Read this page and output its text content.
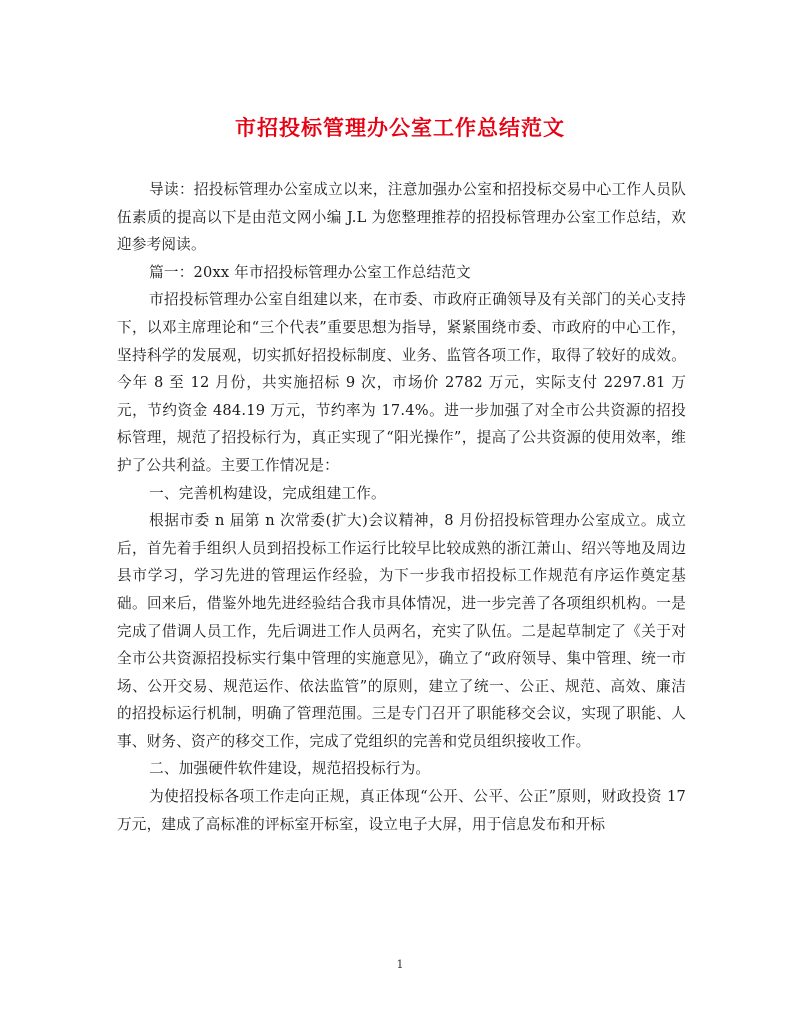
市招投标管理办公室工作总结范文

导读：招投标管理办公室成立以来，注意加强办公室和招投标交易中心工作人员队伍素质的提高以下是由范文网小编 J.L 为您整理推荐的招投标管理办公室工作总结，欢迎参考阅读。

篇一：20xx 年市招投标管理办公室工作总结范文

市招投标管理办公室自组建以来，在市委、市政府正确领导及有关部门的关心支持下，以邓主席理论和“三个代表”重要思想为指导，紧紧围绕市委、市政府的中心工作，坚持科学的发展观，切实抓好招投标制度、业务、监管各项工作，取得了较好的成效。今年 8 至 12 月份，共实施招标 9 次，市场价 2782 万元，实际支付 2297.81 万元，节约资金 484.19 万元，节约率为 17.4%。进一步加强了对全市公共资源的招投标管理，规范了招投标行为，真正实现了“阳光操作”，提高了公共资源的使用效率，维护了公共利益。主要工作情况是：

一、完善机构建设，完成组建工作。

根据市委 n 届第 n 次常委(扩大)会议精神，8 月份招投标管理办公室成立。成立后，首先着手组织人员到招投标工作运行比较早比较成熟的浙江萧山、绍兴等地及周边县市学习，学习先进的管理运作经验，为下一步我市招投标工作规范有序运作奠定基础。回来后，借鉴外地先进经验结合我市具体情况，进一步完善了各项组织机构。一是完成了借调人员工作，先后调进工作人员两名，充实了队伍。二是起草制定了《关于对全市公共资源招投标实行集中管理的实施意见》，确立了“政府领导、集中管理、统一市场、公开交易、规范运作、依法监管”的原则，建立了统一、公正、规范、高效、廉洁的招投标运行机制，明确了管理范围。三是专门召开了职能移交会议，实现了职能、人事、财务、资产的移交工作，完成了党组织的完善和党员组织接收工作。

二、加强硬件软件建设，规范招投标行为。

为使招投标各项工作走向正规，真正体现“公开、公平、公正”原则，财政投资 17 万元，建成了高标准的评标室开标室，设立电子大屏，用于信息发布和开标

1
